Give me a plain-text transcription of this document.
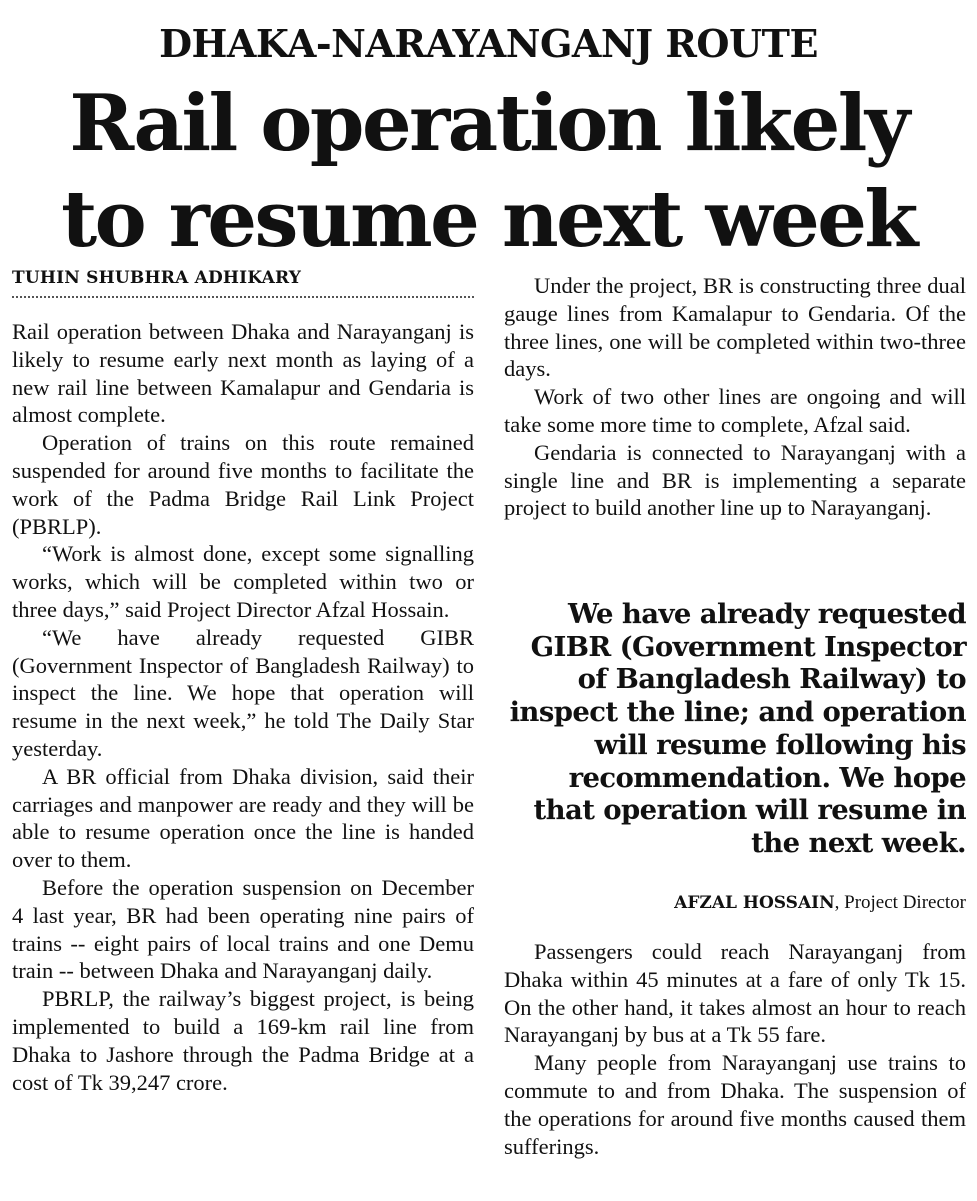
DHAKA-NARAYANGANJ ROUTE
Rail operation likely
to resume next week
TUHIN SHUBHRA ADHIKARY

Rail operation between Dhaka and Narayanganj is likely to resume early next month as laying of a new rail line between Kamalapur and Gendaria is almost complete.

Operation of trains on this route remained suspended for around five months to facilitate the work of the Padma Bridge Rail Link Project (PBRLP).

“Work is almost done, except some signalling works, which will be completed within two or three days,” said Project Director Afzal Hossain.

“We have already requested GIBR (Government Inspector of Bangladesh Railway) to inspect the line. We hope that operation will resume in the next week,” he told The Daily Star yesterday.

A BR official from Dhaka division, said their carriages and manpower are ready and they will be able to resume operation once the line is handed over to them.

Before the operation suspension on December 4 last year, BR had been operating nine pairs of trains -- eight pairs of local trains and one Demu train -- between Dhaka and Narayanganj daily.

PBRLP, the railway’s biggest project, is being implemented to build a 169-km rail line from Dhaka to Jashore through the Padma Bridge at a cost of Tk 39,247 crore.

Under the project, BR is constructing three dual gauge lines from Kamalapur to Gendaria. Of the three lines, one will be completed within two-three days.

Work of two other lines are ongoing and will take some more time to complete, Afzal said.

Gendaria is connected to Narayanganj with a single line and BR is implementing a separate project to build another line up to Narayanganj.

We have already requested GIBR (Government Inspector of Bangladesh Railway) to inspect the line; and operation will resume following his recommendation. We hope that operation will resume in the next week.
AFZAL HOSSAIN, Project Director

Passengers could reach Narayanganj from Dhaka within 45 minutes at a fare of only Tk 15. On the other hand, it takes almost an hour to reach Narayanganj by bus at a Tk 55 fare.

Many people from Narayanganj use trains to commute to and from Dhaka. The suspension of the operations for around five months caused them sufferings.
